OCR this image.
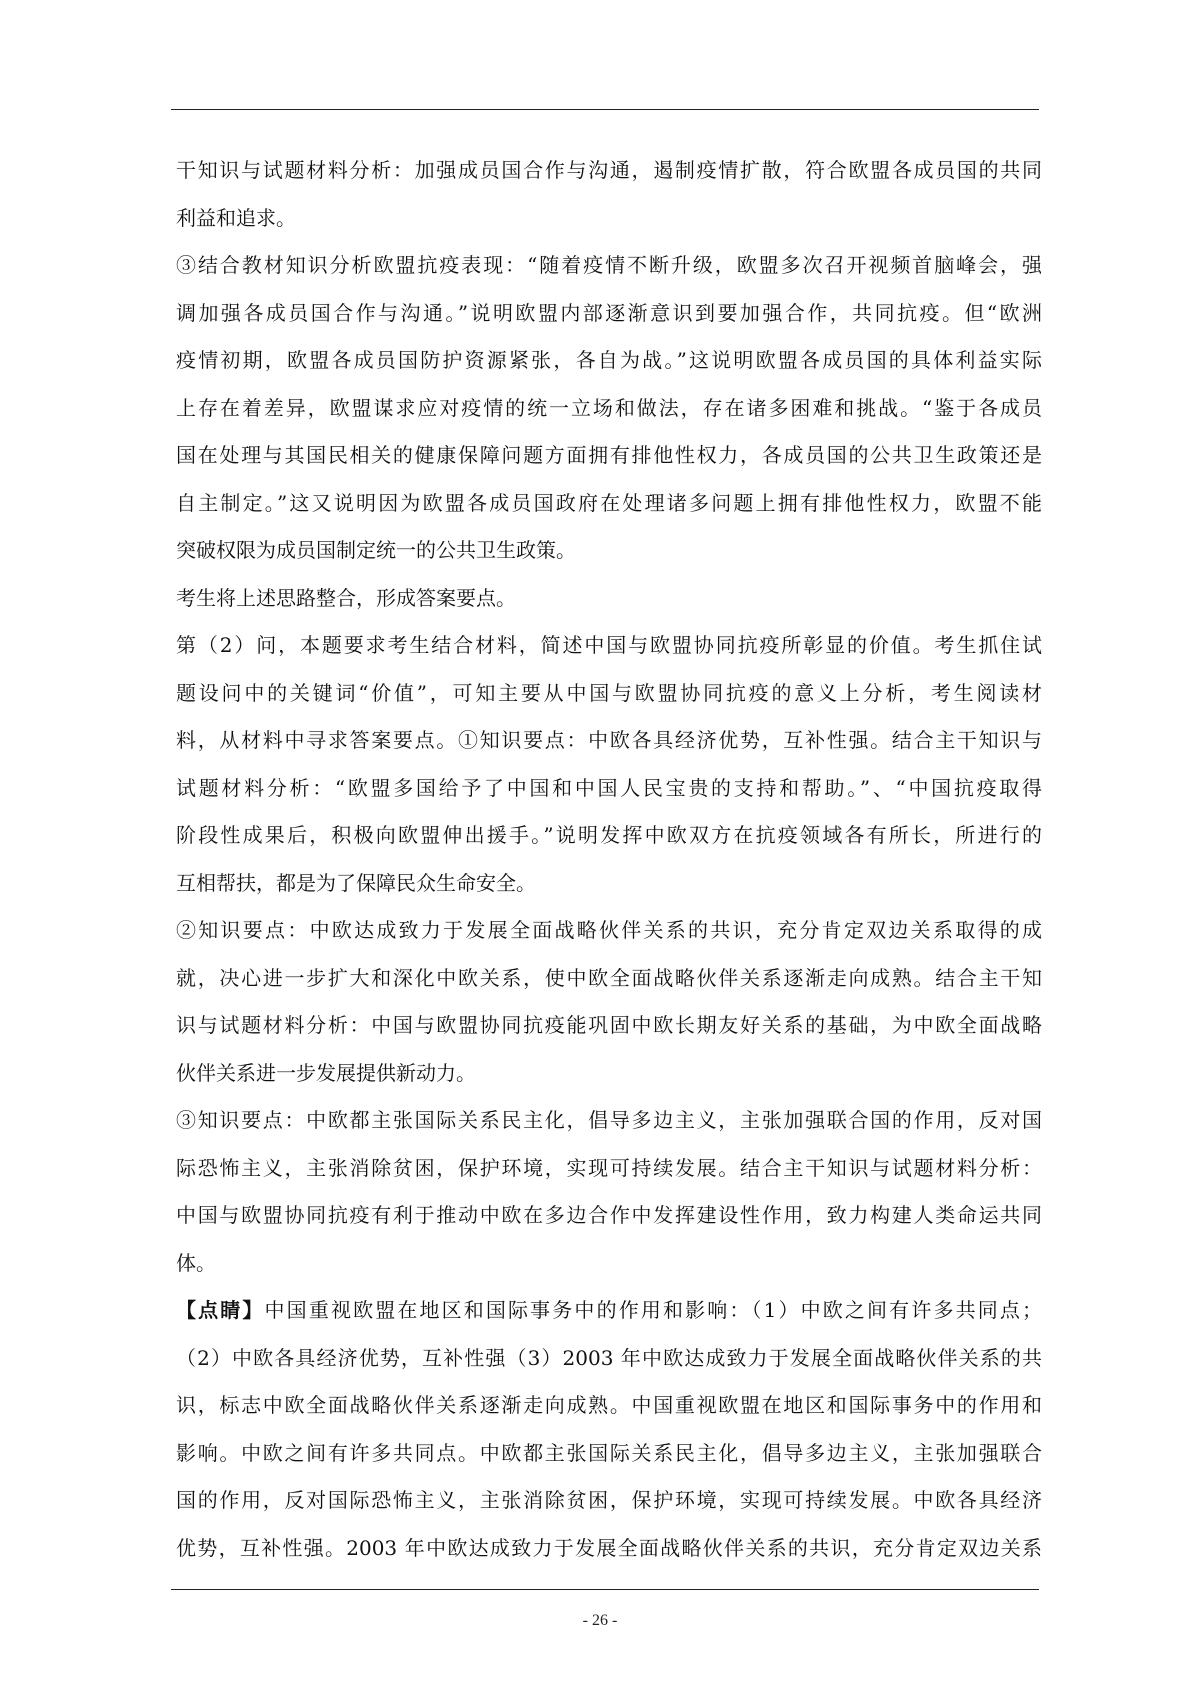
干知识与试题材料分析：加强成员国合作与沟通，遏制疫情扩散，符合欧盟各成员国的共同
利益和追求。
③结合教材知识分析欧盟抗疫表现：“随着疫情不断升级，欧盟多次召开视频首脑峰会，强
调加强各成员国合作与沟通。”说明欧盟内部逐渐意识到要加强合作，共同抗疫。但“欧洲
疫情初期，欧盟各成员国防护资源紧张，各自为战。”这说明欧盟各成员国的具体利益实际
上存在着差异，欧盟谋求应对疫情的统一立场和做法，存在诸多困难和挑战。“鉴于各成员
国在处理与其国民相关的健康保障问题方面拥有排他性权力，各成员国的公共卫生政策还是
自主制定。”这又说明因为欧盟各成员国政府在处理诸多问题上拥有排他性权力，欧盟不能
突破权限为成员国制定统一的公共卫生政策。
考生将上述思路整合，形成答案要点。
第（2）问，本题要求考生结合材料，简述中国与欧盟协同抗疫所彰显的价值。考生抓住试
题设问中的关键词“价值”，可知主要从中国与欧盟协同抗疫的意义上分析，考生阅读材
料，从材料中寻求答案要点。①知识要点：中欧各具经济优势，互补性强。结合主干知识与
试题材料分析：“欧盟多国给予了中国和中国人民宝贵的支持和帮助。”、“中国抗疫取得
阶段性成果后，积极向欧盟伸出援手。”说明发挥中欧双方在抗疫领域各有所长，所进行的
互相帮扶，都是为了保障民众生命安全。
②知识要点：中欧达成致力于发展全面战略伙伴关系的共识，充分肯定双边关系取得的成
就，决心进一步扩大和深化中欧关系，使中欧全面战略伙伴关系逐渐走向成熟。结合主干知
识与试题材料分析：中国与欧盟协同抗疫能巩固中欧长期友好关系的基础，为中欧全面战略
伙伴关系进一步发展提供新动力。
③知识要点：中欧都主张国际关系民主化，倡导多边主义，主张加强联合国的作用，反对国
际恐怖主义，主张消除贫困，保护环境，实现可持续发展。结合主干知识与试题材料分析：
中国与欧盟协同抗疫有利于推动中欧在多边合作中发挥建设性作用，致力构建人类命运共同
体。
【点睛】中国重视欧盟在地区和国际事务中的作用和影响：（1）中欧之间有许多共同点；
（2）中欧各具经济优势，互补性强（3）2003 年中欧达成致力于发展全面战略伙伴关系的共
识，标志中欧全面战略伙伴关系逐渐走向成熟。中国重视欧盟在地区和国际事务中的作用和
影响。中欧之间有许多共同点。中欧都主张国际关系民主化，倡导多边主义，主张加强联合
国的作用，反对国际恐怖主义，主张消除贫困，保护环境，实现可持续发展。中欧各具经济
优势，互补性强。2003 年中欧达成致力于发展全面战略伙伴关系的共识，充分肯定双边关系
- 26 -
